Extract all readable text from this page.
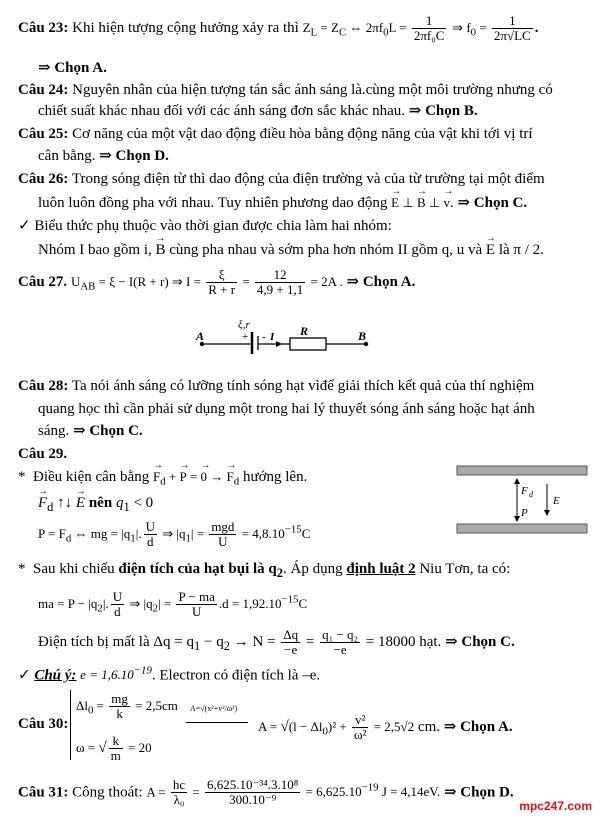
Câu 23: Khi hiện tượng cộng hưởng xảy ra thì $Z_L = Z_C$ ⇔ $2\pi f_0L = \frac{1}{\text{2πf₀C}}$ ⇒ $f_0 = \frac{1}{2\pi√LC}$ .
⇒ Chọn A.
Câu 24: Nguyên nhân của hiện tượng tán sắc ánh sáng là.cùng một môi trường nhưng có
chiết suất khác nhau đối với các ánh sáng đơn sắc khác nhau. ⇒ Chọn B.
Câu 25: Cơ năng của một vật dao động điều hòa bằng động năng của vật khi tới vị trí
cân bằng. ⇒ Chọn D.
Câu 26: Trong sóng điện từ thì dao động của điện trường và của từ trường tại một điểm
luôn luôn đồng pha với nhau. Tuy nhiên phương dao động → E ⊥ → B ⊥ → v. ⇒ Chọn C.
✓ Biểu thức phụ thuộc vào thời gian được chia làm hai nhóm:
Nhóm I bao gồm i, → B cùng pha nhau và sớm pha hơn nhóm II gồm q, u và → E là π / 2.
Câu 27. $U_{AB} = \xi - I(R + r)$ ⇒ $I = \frac{\xi}{R + r} = \frac{12}{4,9 + 1,1} = 2A$ . ⇒ Chọn A.
A	B
R
I
ξ,r
+ -
Câu 28: Ta nói ánh sáng có lưỡng tính sóng hạt vìđể giải thích kết quả của thí nghiệm
quang học thì cần phải sử dụng một trong hai lý thuyết sóng ánh sáng hoặc hạt ánh
sáng. ⇒ Chọn C.
Câu 29.
* Điều kiện cân bằng → $F_d$ + → P = → 0 → → $F_d$ hướng lên.
→ $F_d$ ↑↓ → E nên $q_1 < 0$
$P = F_d$ ⇔ mg = $|q_1|$. $\frac{U}{d}$ ⇒ $|q_1| = \frac{\text{mgd}}{U} = 4,8.10^{-15}C$
F d
P
E
* Sau khi chiếu điện tích của hạt bụi là $q_2$. Áp dụng định luật 2 Niu Tơn, ta có:
ma = $P - |q_2|$. $\frac{U}{d}$ ⇒ $|q_2| = \frac{P - ma}{U} .d = 1,92.10^{-15}C$
Điện tích bị mất là $\Delta q = q_1 - q_2 \to N = \frac{\Delta q}{-e} = \frac{\text{q₁ − q₂}}{-e} = 18000$ hạt. ⇒ Chọn C.
✓ Chú ý: $e = 1,6.10^{-19}$. Electron có điện tích là –e.
Câu 30:
$\Delta l_0 = \frac{mg}{k} = 2,5cm$
ω = √ $\frac{k}{m} = 20$
A=√(x²+v²/ω²)
$A = √(l - \Delta l_0)^2 + \frac{\text{v²}}{\text{ω²}} = 2,5√2$ cm. ⇒ Chọn A.
Câu 31: Công thoát: $A = \frac{hc}{\text{λ₀}} = \frac{\text{6,625.10⁻³⁴.3.10⁸}}{\text{300.10⁻⁹}} = 6,625.10^{-19}$ J = 4,14eV. ⇒ Chọn D.
mpc247.com
